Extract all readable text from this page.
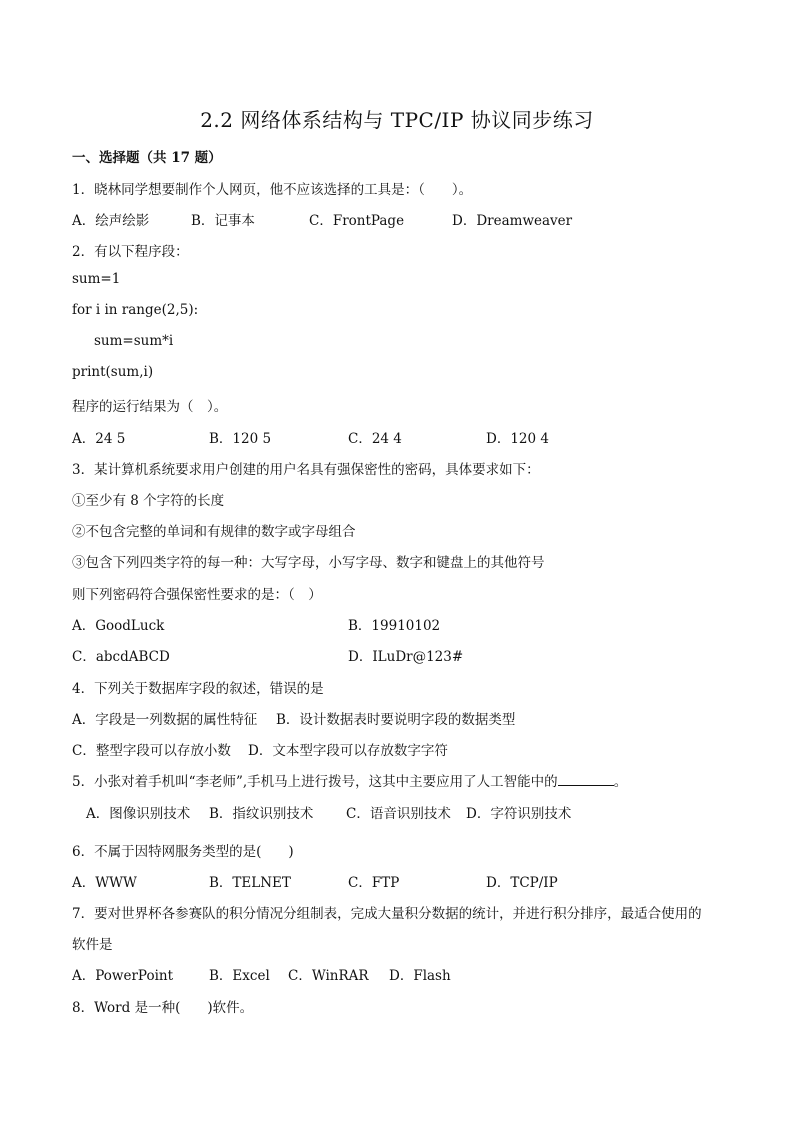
2.2 网络体系结构与 TPC/IP 协议同步练习
一、选择题（共 17 题）
1．晓林同学想要制作个人网页，他不应该选择的工具是：（　　）。
A．绘声绘影	B．记事本	C．FrontPage	D．Dreamweaver
2．有以下程序段：
sum=1
for i in range(2,5):
sum=sum*i
print(sum,i)
程序的运行结果为（　）。
A．24 5	B．120 5	C．24 4	D．120 4
3．某计算机系统要求用户创建的用户名具有强保密性的密码，具体要求如下：
①至少有 8 个字符的长度
②不包含完整的单词和有规律的数字或字母组合
③包含下列四类字符的每一种：大写字母，小写字母、数字和键盘上的其他符号
则下列密码符合强保密性要求的是：（　）
A．GoodLuck	B．19910102
C．abcdABCD	D．ILuDr@123#
4．下列关于数据库字段的叙述，错误的是
A．字段是一列数据的属性特征 B．设计数据表时要说明字段的数据类型
C．整型字段可以存放小数 D．文本型字段可以存放数字字符
5．小张对着手机叫“李老师”,手机马上进行拨号，这其中主要应用了人工智能中的	。
A．图像识别技术 B．指纹识别技术 C．语音识别技术 D．字符识别技术
6．不属于因特网服务类型的是(　　)
A．WWW	B．TELNET	C．FTP	D．TCP/IP
7．要对世界杯各参赛队的积分情况分组制表，完成大量积分数据的统计，并进行积分排序，最适合使用的
软件是
A．PowerPoint	B．Excel C．WinRAR D．Flash
8．Word 是一种(　　)软件。
